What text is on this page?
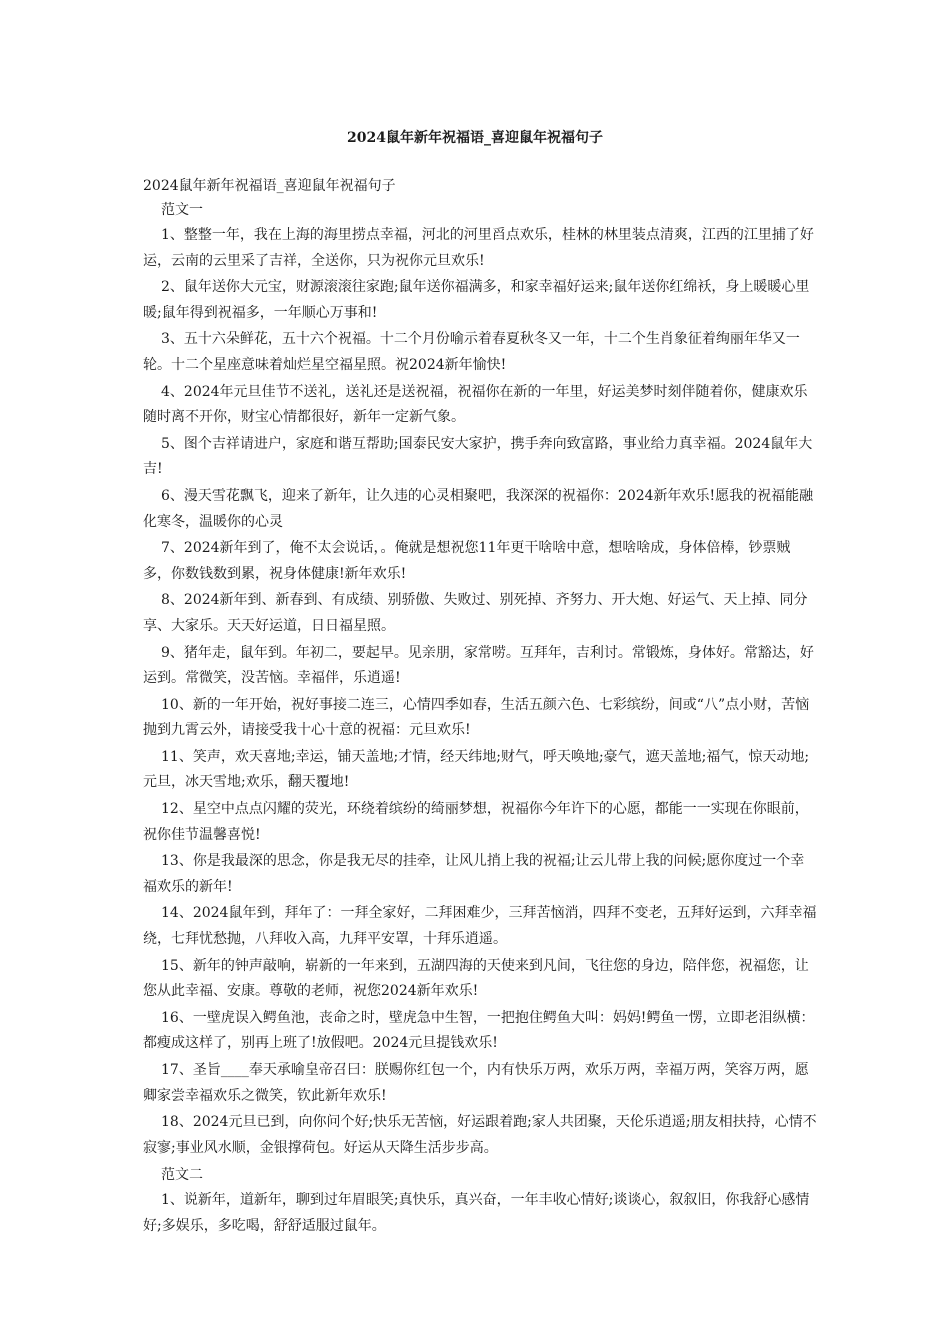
2024鼠年新年祝福语_喜迎鼠年祝福句子

2024鼠年新年祝福语_喜迎鼠年祝福句子

范文一

1、整整一年，我在上海的海里捞点幸福，河北的河里舀点欢乐，桂林的林里装点清爽，江西的江里捕了好运，云南的云里采了吉祥，全送你，只为祝你元旦欢乐!

2、鼠年送你大元宝，财源滚滚往家跑;鼠年送你福满多，和家幸福好运来;鼠年送你红绵袄，身上暖暖心里暖;鼠年得到祝福多，一年顺心万事和!

3、五十六朵鲜花，五十六个祝福。十二个月份喻示着春夏秋冬又一年，十二个生肖象征着绚丽年华又一轮。十二个星座意味着灿烂星空福星照。祝2024新年愉快!

4、2024年元旦佳节不送礼，送礼还是送祝福，祝福你在新的一年里，好运美梦时刻伴随着你，健康欢乐随时离不开你，财宝心情都很好，新年一定新气象。

5、图个吉祥请进户，家庭和谐互帮助;国泰民安大家护，携手奔向致富路，事业给力真幸福。2024鼠年大吉!

6、漫天雪花飘飞，迎来了新年，让久违的心灵相聚吧，我深深的祝福你：2024新年欢乐!愿我的祝福能融化寒冬，温暖你的心灵

7、2024新年到了，俺不太会说话，。俺就是想祝您11年更干啥啥中意，想啥啥成，身体倍棒，钞票贼多，你数钱数到累，祝身体健康!新年欢乐!

8、2024新年到、新春到、有成绩、别骄傲、失败过、别死掉、齐努力、开大炮、好运气、天上掉、同分享、大家乐。天天好运道，日日福星照。

9、猪年走，鼠年到。年初二，要起早。见亲朋，家常唠。互拜年，吉利讨。常锻炼，身体好。常豁达，好运到。常微笑，没苦恼。幸福伴，乐逍遥!

10、新的一年开始，祝好事接二连三，心情四季如春，生活五颜六色、七彩缤纷，间或“八”点小财，苦恼抛到九霄云外，请接受我十心十意的祝福：元旦欢乐!

11、笑声，欢天喜地;幸运，铺天盖地;才情，经天纬地;财气，呼天唤地;豪气，遮天盖地;福气，惊天动地;元旦，冰天雪地;欢乐，翻天覆地!

12、星空中点点闪耀的荧光，环绕着缤纷的绮丽梦想，祝福你今年许下的心愿，都能一一实现在你眼前，祝你佳节温馨喜悦!

13、你是我最深的思念，你是我无尽的挂牵，让风儿捎上我的祝福;让云儿带上我的问候;愿你度过一个幸福欢乐的新年!

14、2024鼠年到，拜年了：一拜全家好，二拜困难少，三拜苦恼消，四拜不变老，五拜好运到，六拜幸福绕，七拜忧愁抛，八拜收入高，九拜平安罩，十拜乐逍遥。

15、新年的钟声敲响，崭新的一年来到，五湖四海的天使来到凡间，飞往您的身边，陪伴您，祝福您，让您从此幸福、安康。尊敬的老师，祝您2024新年欢乐!

16、一壁虎误入鳄鱼池，丧命之时，壁虎急中生智，一把抱住鳄鱼大叫：妈妈!鳄鱼一愣，立即老泪纵横：都瘦成这样了，别再上班了!放假吧。2024元旦提钱欢乐!

17、圣旨____奉天承喻皇帝召曰：朕赐你红包一个，内有快乐万两，欢乐万两，幸福万两，笑容万两，愿卿家尝幸福欢乐之微笑，钦此新年欢乐!

18、2024元旦已到，向你问个好;快乐无苦恼，好运跟着跑;家人共团聚，天伦乐逍遥;朋友相扶持，心情不寂寥;事业风水顺，金银撑荷包。好运从天降生活步步高。

范文二

1、说新年，道新年，聊到过年眉眼笑;真快乐，真兴奋，一年丰收心情好;谈谈心，叙叙旧，你我舒心感情好;多娱乐，多吃喝，舒舒适服过鼠年。
